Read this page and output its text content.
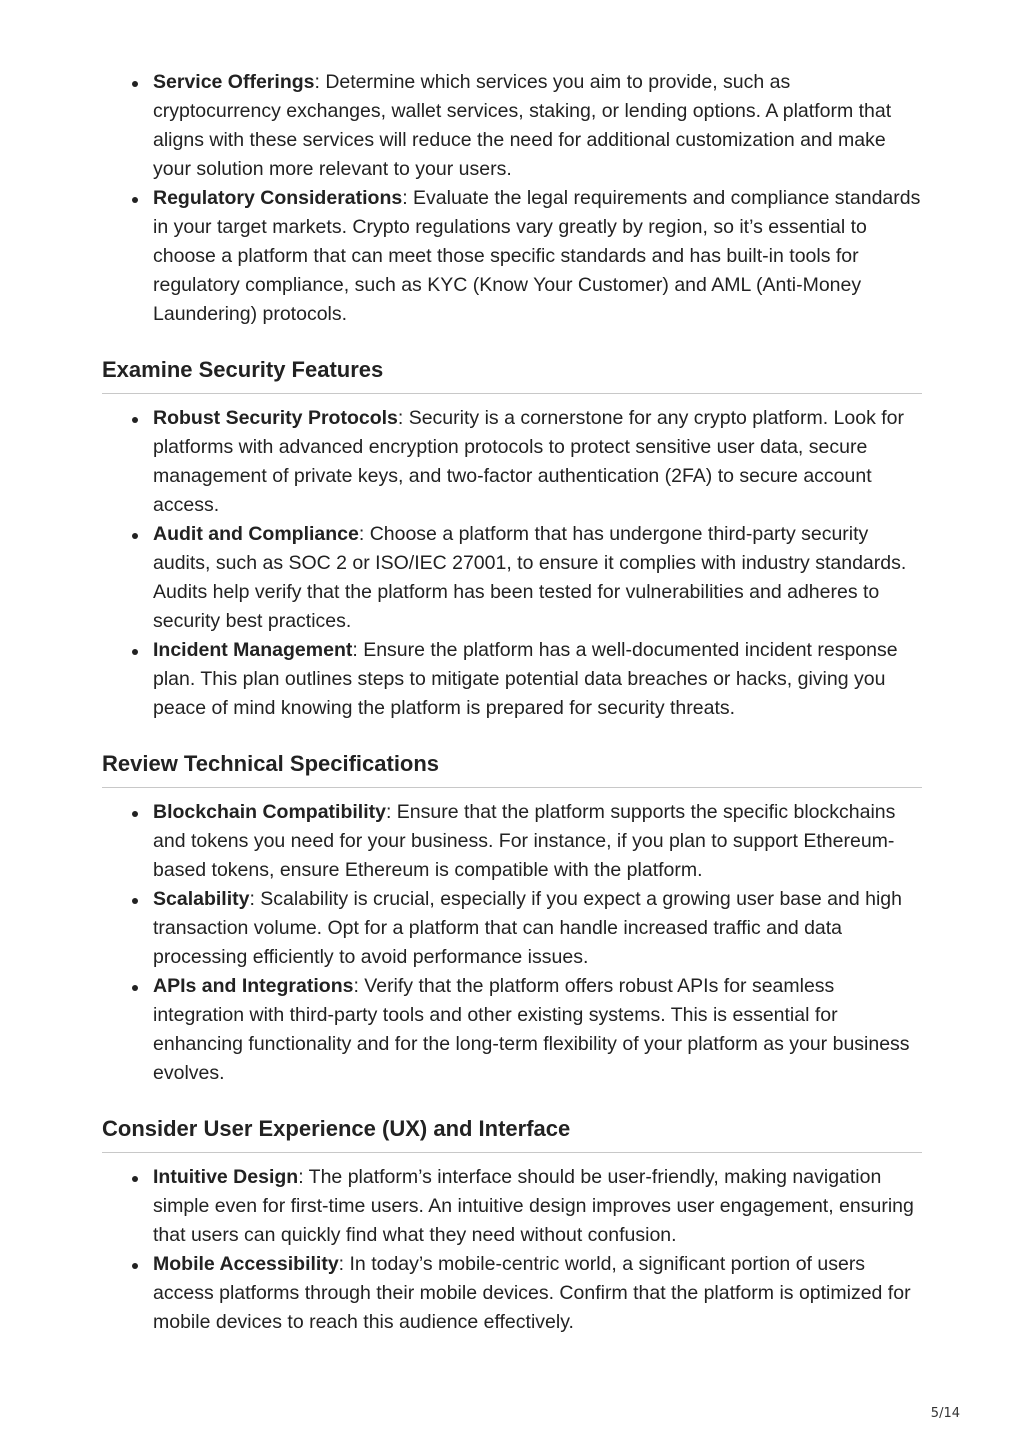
Service Offerings: Determine which services you aim to provide, such as cryptocurrency exchanges, wallet services, staking, or lending options. A platform that aligns with these services will reduce the need for additional customization and make your solution more relevant to your users.
Regulatory Considerations: Evaluate the legal requirements and compliance standards in your target markets. Crypto regulations vary greatly by region, so it’s essential to choose a platform that can meet those specific standards and has built-in tools for regulatory compliance, such as KYC (Know Your Customer) and AML (Anti-Money Laundering) protocols.
Examine Security Features
Robust Security Protocols: Security is a cornerstone for any crypto platform. Look for platforms with advanced encryption protocols to protect sensitive user data, secure management of private keys, and two-factor authentication (2FA) to secure account access.
Audit and Compliance: Choose a platform that has undergone third-party security audits, such as SOC 2 or ISO/IEC 27001, to ensure it complies with industry standards. Audits help verify that the platform has been tested for vulnerabilities and adheres to security best practices.
Incident Management: Ensure the platform has a well-documented incident response plan. This plan outlines steps to mitigate potential data breaches or hacks, giving you peace of mind knowing the platform is prepared for security threats.
Review Technical Specifications
Blockchain Compatibility: Ensure that the platform supports the specific blockchains and tokens you need for your business. For instance, if you plan to support Ethereum-based tokens, ensure Ethereum is compatible with the platform.
Scalability: Scalability is crucial, especially if you expect a growing user base and high transaction volume. Opt for a platform that can handle increased traffic and data processing efficiently to avoid performance issues.
APIs and Integrations: Verify that the platform offers robust APIs for seamless integration with third-party tools and other existing systems. This is essential for enhancing functionality and for the long-term flexibility of your platform as your business evolves.
Consider User Experience (UX) and Interface
Intuitive Design: The platform’s interface should be user-friendly, making navigation simple even for first-time users. An intuitive design improves user engagement, ensuring that users can quickly find what they need without confusion.
Mobile Accessibility: In today’s mobile-centric world, a significant portion of users access platforms through their mobile devices. Confirm that the platform is optimized for mobile devices to reach this audience effectively.
5/14
